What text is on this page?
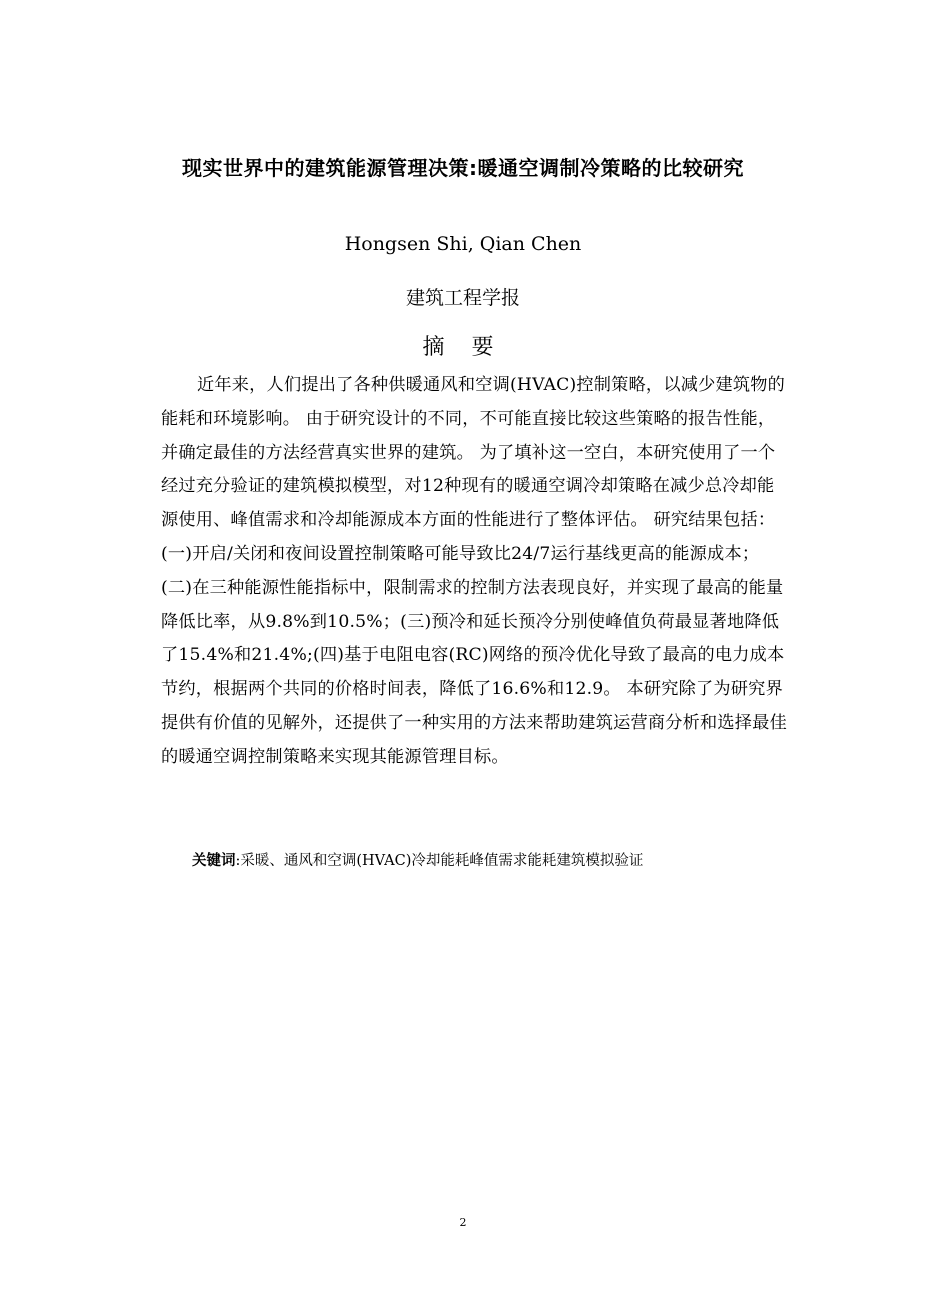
现实世界中的建筑能源管理决策:暖通空调制冷策略的比较研究
Hongsen Shi, Qian Chen
建筑工程学报
摘 要

近年来，人们提出了各种供暖通风和空调(HVAC)控制策略，以减少建筑物的能耗和环境影响。 由于研究设计的不同，不可能直接比较这些策略的报告性能，并确定最佳的方法经营真实世界的建筑。 为了填补这一空白，本研究使用了一个经过充分验证的建筑模拟模型，对12种现有的暖通空调冷却策略在减少总冷却能源使用、峰值需求和冷却能源成本方面的性能进行了整体评估。 研究结果包括：(一)开启/关闭和夜间设置控制策略可能导致比24/7运行基线更高的能源成本；(二)在三种能源性能指标中，限制需求的控制方法表现良好，并实现了最高的能量降低比率，从9.8%到10.5%；(三)预冷和延长预冷分别使峰值负荷最显著地降低了15.4%和21.4%;(四)基于电阻电容(RC)网络的预冷优化导致了最高的电力成本节约，根据两个共同的价格时间表，降低了16.6%和12.9。 本研究除了为研究界提供有价值的见解外，还提供了一种实用的方法来帮助建筑运营商分析和选择最佳的暖通空调控制策略来实现其能源管理目标。

关键词:采暖、通风和空调(HVAC)冷却能耗峰值需求能耗建筑模拟验证
2
